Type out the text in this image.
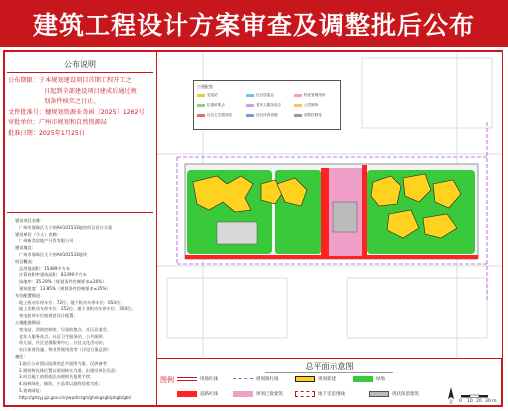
建筑工程设计方案审查及调整批后公布
公布说明
公布期限：于本规划建设项目首期工程开工之
日起到全部建设项目建成后通过规
划条件核实之日止。
文件批准号：穗规划资源业务函〔2025〕1262号
审批单位：广州市规划和自然资源局
批准日期：2025年1月25日
建设项目名称：
广州市海珠区大干围AH101533地块项目设计方案
建设单位（个人）名称：
广州新美房地产开发有限公司
建设地点：
广州市海珠区大干围AH101533地块
项目概况：
总用地面积：15489平方米
计算容积率建筑面积：83399平方米
绿地率：35.29%（规划条件控制要求≥30%）
建筑密度：13.85%（规划条件控制要求≤35%）
车位配置情况：
地上机动车停车位：72位；地下机动车停车位：654位；
地上非机动车停车位：252位；地下非机动车停车位：350位；
充电桩停车位按规范设计配置；
公建配套情况：
变电站、消防控制室、垃圾收集点、社区居委会、
老年人服务站点、社区卫生服务站、公共厕所、
幼儿园、社区党群服务中心、社区文化活动站、
社区体育设施、物业管理用房等（详见方案总图）
备注：
1.批后公布图以批准的总平面图为准，仅供参考；
2.建筑物具体位置以规划核实为准，由建设单位负责；
3.项目施工前须依法办理相关报建手续；
4.园林绿化、铺装、小品等以最终验收为准；
5.查询网址：
http://ghzyj.gz.gov.cn/ywpd/csgh/ghxkgsgb/phgb/gbl/
公建配套
变电站	社区居委会	物业管理用房
垃圾收集点	老年人服务站点	公共厕所
社区卫生服务站	社区体育设施	消防控制室
总平面示意图
图例	用地红线	规划路红线	规划新建	绿地
道路红线	规划已批建筑	地下室范围线	现状保留建筑
北 0 10 20 30 m
